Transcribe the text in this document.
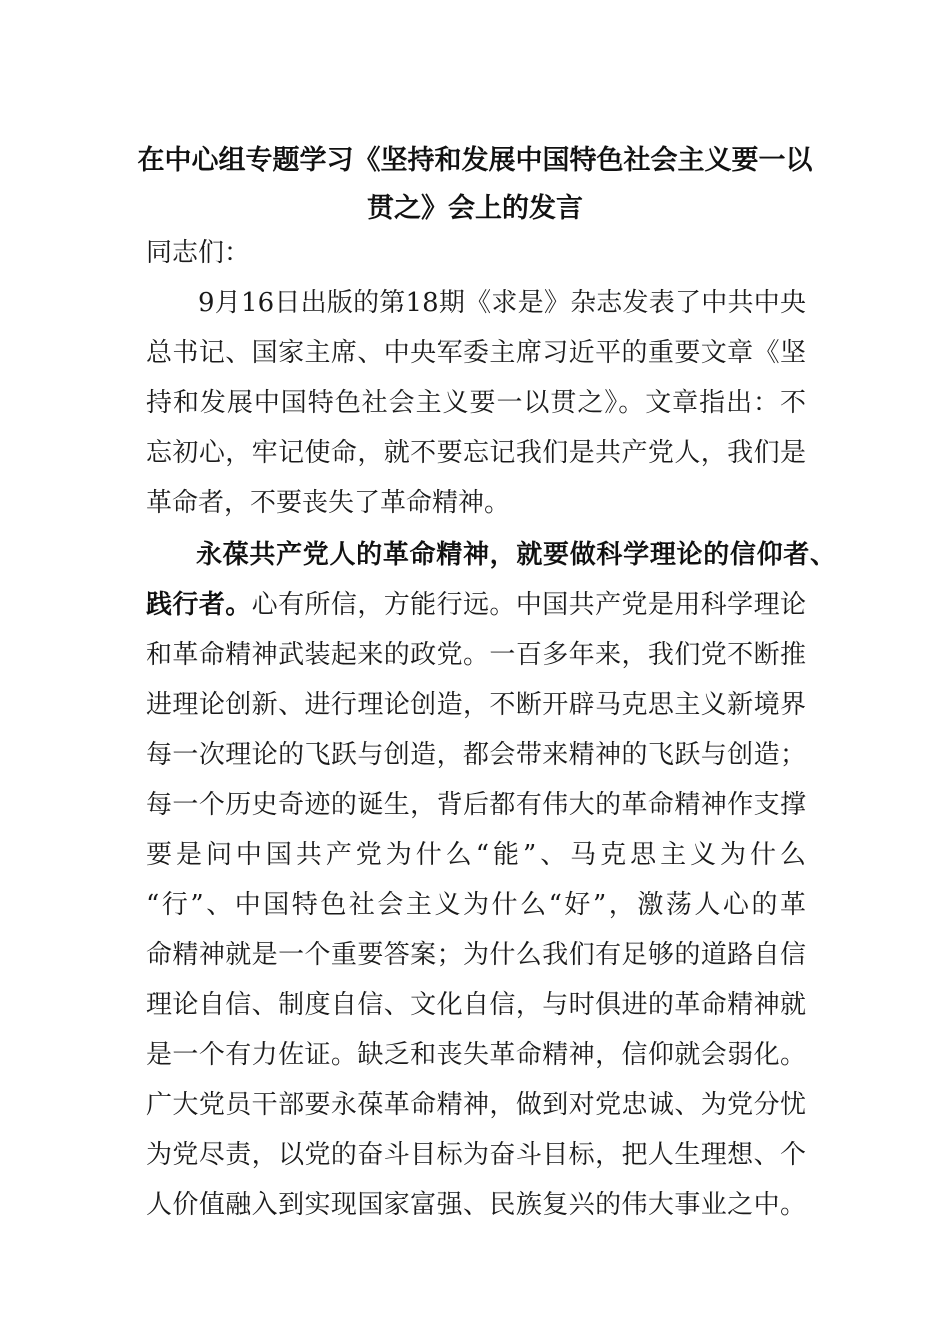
在中心组专题学习《坚持和发展中国特色社会主义要一以
贯之》会上的发言
同志们：
9月16日出版的第18期《求是》杂志发表了中共中央
总书记、国家主席、中央军委主席习近平的重要文章《坚
持和发展中国特色社会主义要一以贯之》。文章指出：不
忘初心，牢记使命，就不要忘记我们是共产党人，我们是
革命者，不要丧失了革命精神。
永葆共产党人的革命精神，就要做科学理论的信仰者、
践行者。心有所信，方能行远。中国共产党是用科学理论
和革命精神武装起来的政党。一百多年来，我们党不断推
进理论创新、进行理论创造，不断开辟马克思主义新境界
每一次理论的飞跃与创造，都会带来精神的飞跃与创造；
每一个历史奇迹的诞生，背后都有伟大的革命精神作支撑
要是问中国共产党为什么“能”、马克思主义为什么
“行”、中国特色社会主义为什么“好”，激荡人心的革
命精神就是一个重要答案；为什么我们有足够的道路自信
理论自信、制度自信、文化自信，与时俱进的革命精神就
是一个有力佐证。缺乏和丧失革命精神，信仰就会弱化。
广大党员干部要永葆革命精神，做到对党忠诚、为党分忧
为党尽责，以党的奋斗目标为奋斗目标，把人生理想、个
人价值融入到实现国家富强、民族复兴的伟大事业之中。
